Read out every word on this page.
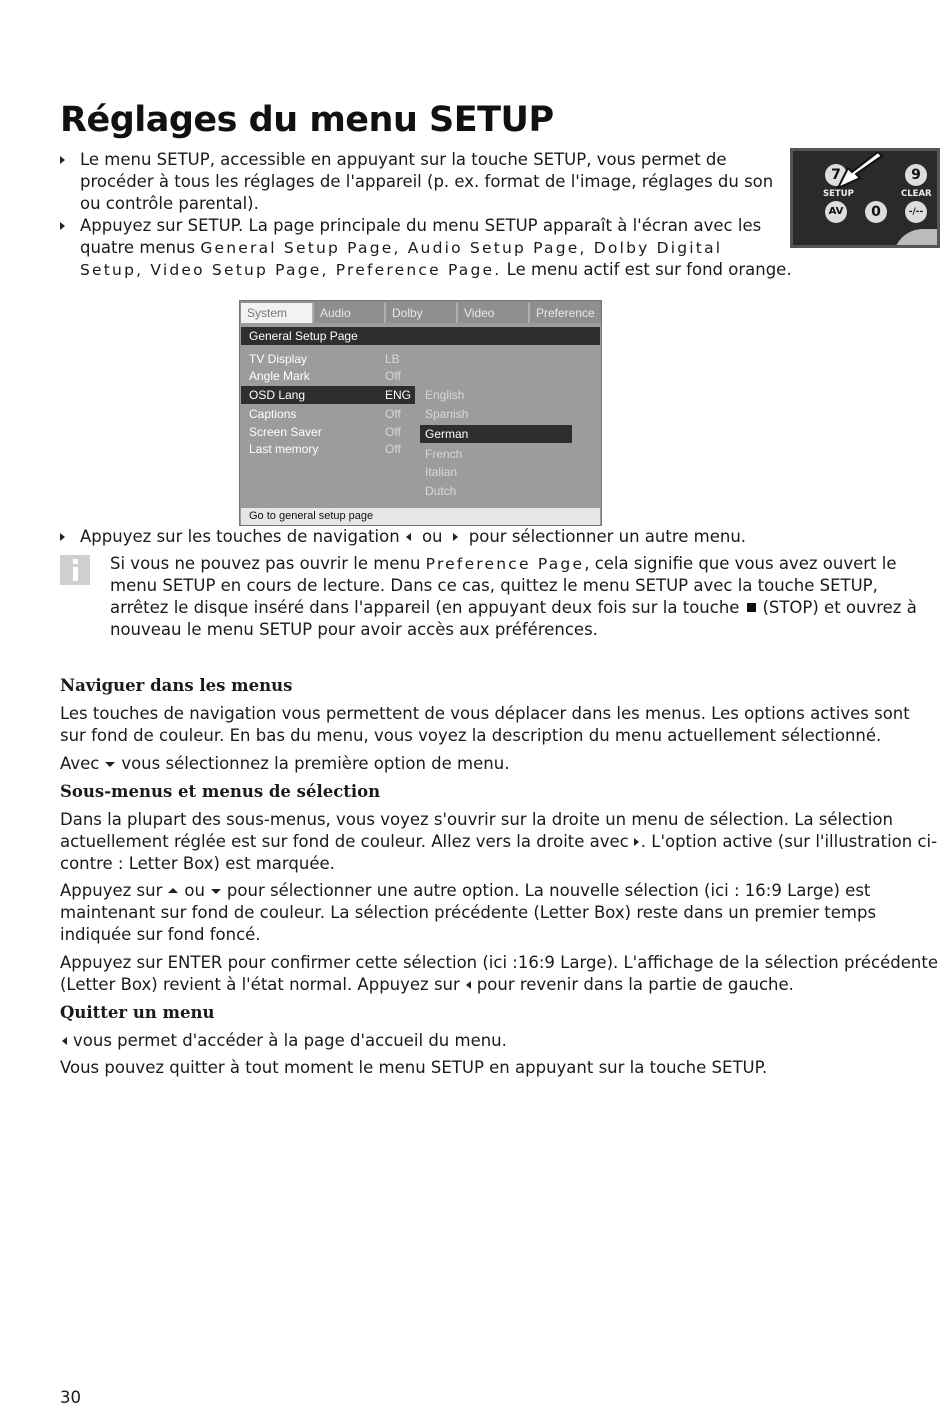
Réglages du menu SETUP
Le menu SETUP, accessible en appuyant sur la touche SETUP, vous permet de
procéder à tous les réglages de l'appareil (p. ex. format de l'image, réglages du son
ou contrôle parental).
Appuyez sur SETUP. La page principale du menu SETUP apparaît à l'écran avec les
quatre menus General Setup Page, Audio Setup Page, Dolby Digital
Setup, Video Setup Page, Preference Page. Le menu actif est sur fond orange.
7	9
SETUP	CLEAR
AV	0	-/--
System	Audio	Dolby	Video	Preference
General Setup Page
TV Display	LB
Angle Mark	Off
OSD Lang	ENG
Captions	Off
Screen Saver	Off
Last memory	Off
English
Spanish
German
French
Italian
Dutch
Go to general setup page
Appuyez sur les touches de navigation ou pour sélectionner un autre menu.
Si vous ne pouvez pas ouvrir le menu Preference Page, cela signifie que vous avez ouvert le menu SETUP en cours de lecture. Dans ce cas, quittez le menu SETUP avec la touche SETUP, arrêtez le disque inséré dans l'appareil (en appuyant deux fois sur la touche (STOP) et ouvrez à nouveau le menu SETUP pour avoir accès aux préférences.
Naviguer dans les menus

Les touches de navigation vous permettent de vous déplacer dans les menus. Les options actives sont sur fond de couleur. En bas du menu, vous voyez la description du menu actuellement sélectionné.

Avec vous sélectionnez la première option de menu.

Sous-menus et menus de sélection

Dans la plupart des sous-menus, vous voyez s'ouvrir sur la droite un menu de sélection. La sélection actuellement réglée est sur fond de couleur. Allez vers la droite avec . L'option active (sur l'illustration ci-contre : Letter Box) est marquée.

Appuyez sur ou pour sélectionner une autre option. La nouvelle sélection (ici : 16:9 Large) est maintenant sur fond de couleur. La sélection précédente (Letter Box) reste dans un premier temps indiquée sur fond foncé.

Appuyez sur ENTER pour confirmer cette sélection (ici :16:9 Large). L'affichage de la sélection précédente (Letter Box) revient à l'état normal. Appuyez sur pour revenir dans la partie de gauche.

Quitter un menu

vous permet d'accéder à la page d'accueil du menu.

Vous pouvez quitter à tout moment le menu SETUP en appuyant sur la touche SETUP.

30
